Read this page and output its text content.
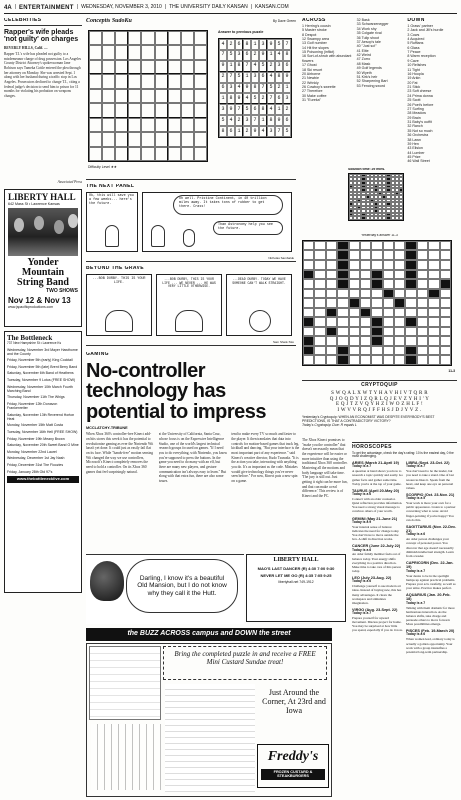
4A | ENTERTAINMENT | WEDNESDAY, NOVEMBER 3, 2010 | THE UNIVERSITY DAILY KANSAN | KANSAN.COM
CELEBRITIES
Rapper's wife pleads 'not guilty' on charges
BEVERLY HILLS, Calif. —
Rapper T.I.'s wife has pleaded not guilty to a misdemeanor charge of drug possession. Los Angeles County District Attorney's spokeswoman Jane Robison says Tameka Cottle entered the plea through her attorney on Monday. She was arrested Sept. 1 along with her husband during a traffic stop in Los Angeles. Prosecutors declined to charge T.I., citing a federal judge's decision to send him to prison for 11 months for violating his probation on weapons charges.
Associated Press
LIBERTY HALL
642 Mass St • Lawrence Kansas
Yonder Mountain String Band
TWO SHOWS
Nov 12 & Nov 13
www.jspacificproductions.com
The Bottleneck
737 New Hampshire St • Lawrence Ks
Wednesday, November 3rd Mayer Hawthorne and the County
Friday, November 5th (early) King Cocktail
Friday, November 5th (late) Brent Berry Band
Saturday, November 6th Band of Heathens
Tuesday, November 9 Lotus (FREE SHOW)
Wednesday, November 10th March Fourth Marching Band
Thursday, November 11th The Whigs
Friday, November 12th Donavon Frankenreiter
Saturday, November 13th Reverend Horton Heat
Monday, November 15th Matt Costa
Tuesday, November 16th Hell (FREE SHOW)
Friday, November 19th Meany Brown
Saturday, November 20th Sweet Band O Mine
Monday, November 22nd Laurel
Wednesday, December 1st Jay Nash
Friday, December 31st The Floozies
Friday, January 28th Old 97's
www.thebottlenecklive.com
Conceptis SudoKu	By Dave Green
Difficulty Level ★★
Answer to previous puzzle
4 2 6 8 1 3 9 5 7
7 5 3 6 2 9 1 4 8
9 1 8 7 4 5 2 3 6
2 7 5 1 3 6 4 8 9
6 3 4 9 8 7 5 2 1
1 8 9 4 5 2 7 6 3
3 9 7 5 6 8 4 1 2
5 4 2 3 7 1 8 9 6
8 6 1 2 9 4 3 7 5
THE NEXT PANEL
Ok, this will save you a few weeks... here's the future.
Uh well. Pristine Continent, in 40 trillion miles away. It takes tons of rubber to get there. Crass!
Than Astronomy help you see the future.
Nicholas Sambaluk
BEYOND THE GRAVE
...BOB DURBY. THIS IS YOUR LIFE.
...BOB DURBY, THIS IS YOUR LIFE ... WE NEVER ... HE WAS VERY LITTLE OTHERWISE.
...DEAD DURBY. TODAY WE HAVE SOMEONE CAN'T WALK STRAIGHT.
Sam Sheik-Tolo
GAMING
No-controller technology has potential to impress
MCCLATCHY-TRIBUNE
When Xbox 360's controller-free Kinect add-on hits stores this week it has the potential to revolutionize gaming as ever the Nintendo Wii hasn't yet done. It could just as easily fail flat on its face. While "hands-free" motion sensing Wii changed the way we use controllers, Microsoft's Kinect completely removes the need to hold a controller. On its Xbox 360 games that feel surprisingly natural.
at the University of California, Santa Cruz, whose focus is on the Expressive Intelligence Studio, one of the world's largest technical research groups focused on games. "If I need you to do everything, with Nintendo, you know you're supposed to press the buttons. In the game you need to do many with an elf, but there are many new players, and gesture communication isn't always easy to learn." But along with that extra fun, there are also some issues.
tend to make every TV so much and faster to the player. It then translates that data into controls for motion-based games that track leg, kickball and dancing. "But your interface is the most important part of any experience." said Kinect's creative director, Kudo Tsunoda. "It is the action you take, interacting with anything you do. It's as important as the code. Mistakes would give technology things you've never seen before." For now, Kinect puts a new spin on a game.
The Xbox Kinect promises to "make you the controller" that doesn't necessarily mean that the experience will be easier or more intuitive than using the traditional Xbox 360 controller. Mastering all the motions and body language will take time. 'The jury is still out. Just getting it right can be more fun, and that can make a real difference.' This review is of Kinect and the PC.
Darling, I know it's a beautiful Old Mansion, but I do not know why they call it the Hutt.
LIBERTY HALL
MAO'S LAST DANCER (R) 4:30 7:00 9:30
NEVER LET ME GO (R) 4:35 7:05 9:25
libertyhall.net 749-1912
the BUZZ ACROSS campus and DOWN the street
Bring the completed puzzle in and receive a FREE Mini Custard Sundae treat!
Just Around the Corner, At 23rd and Iowa
Freddy's
FROZEN CUSTARD & STEAKBURGERS
ACROSS
1 Herring's cousin
5 Master stroke
8 Despot
12 Swampy area
13 Golf number
14 Hit the slopes
15 Poisoning (inflict)
16 Sort-of-shrub with abundant flowers
17 Ghost
18 Ski resort
20 Airborne
21 Newbie
22 Wrinkly
26 Cowboy's sweetie
27 Therefore
30 Make coffee
31 "Eureka"
32 Bask
33 Schwarzenegger
34 Work shy
35 Colgate rival
36 Tulip shoot
37 Aesop's tale
40 "Just so!"
41 Elite
42 Weird
47 Zorro
48 Mask
49 Golf legends
50 Wyeth
51 Kirk's heir
52 Sharpening Bart
53 Fencing sword
DOWN
1 Grass' partner
2 Jack and Jill's hurdle
3 Cows
4 Acquired
5 Ruffians
6 Glass
7 Peace
8 Warm reception
9 Cave
10 Relishes
11 Tight
16 Hoopla
19 Arkin
20 Fat
21 Stick
23 Soft cheese
24 Prima donna
25 Scott
26 Poet's before
27 Surfing
28 Meadow
29 Brain
31 Baby's outfit
32 Ranch
35 Not so much
36 Orchestra
38 Lawn
39 Hen
43 Elision
44 Lumber
45 Prize
46 Wall Street
Solution time: 29 mins.
Yesterday's answer 11-3
11-3
CRYPTOQUIP
S W Q A L X W T Y H A V H I V T Q R R
Q J O Q D Y I Z Q R L Q J E V Z Y H I ' Y
E Q J T Z V Q Y H Z I W O Z H L F !
I W V V R Q J F F H S J D J Y V Z .
Yesterday's Cryptoquip: WHEN AN ECONOMIST WAS DESPITE EVERYBODY'S BEST PREDICTIONS, IS THAT A CONTRADICTORY VICTORY?
Today's Cryptoquip Clue: R equals L
HOROSCOPES
To get the advantage, check the day's rating: 10 is the easiest day, 0 the most challenging.
ARIES (March 21-April 19)
Today is a 7
A question at hand shows you how to research a topic quickly and easily. Go gather facts and gather some time. Today you're at the top of your game.
TAURUS (April 20-May 20)
Today is a 6
Connect with an older counselor. Quiet reflection provides information. You need a strong visual message to convince others of your worth.
GEMINI (May 21-June 21)
Today is a 9
Your internal sense of balance indicates the need for change today. You don't have to move outside the box. A shift in direction works.
CANCER (June 22-July 22)
Today is a 6
An older family member feels out of balance today. Your energy shifts everything in a positive direction. Make time to take care of this person today.
LEO (July 23-Aug. 22)
Today is a 6
Challenge yourself to use modern art ideas. Instead of buying new, this has many advantages. It clears the workspace and stimulates imagination.
VIRGO (Aug. 23-Sept. 22)
Today is a 7
Prepare yourself for upward movement. Discuss project for home. You may be surprised at how little you spend, especially if you do it now.
LIBRA (Sept. 23-Oct. 22)
Today is a 7
You don't need to be the leader, but you need to take a stand. One of last resources likes it. Speak from the heart, and keep one eye on personal values.
SCORPIO (Oct. 23-Nov. 21)
Today is a 5
Your work is more your own for a public appearance. Listen to a partner concerning what to wear. Avoid finger-pointing if you're happy! You can do this.
SAGITTARIUS (Nov. 22-Dec. 21)
Today is a 6
An older person challenges your concept of personal power. You discover that age doesn't necessarily diminish intellectual strength. Learn from a leader.
CAPRICORN (Dec. 22-Jan. 19)
Today is a 7
Your desire to be in the spotlight bumps up against practical problems. Prepare your acts carefully, as well as your attire. Practice makes perfect.
AQUARIUS (Jan. 20-Feb. 18)
Today is a 7
Talking with them dramatic for more harmonious interaction. As the balance shifts, take charge and persuade others to move forward. More possibilities emerge.
PISCES (Feb. 19-March 20)
Today is a 6
When women lead, ordinary today is actually a golden opportunity. Your work with a group intensifies a potential long-term partnership.
